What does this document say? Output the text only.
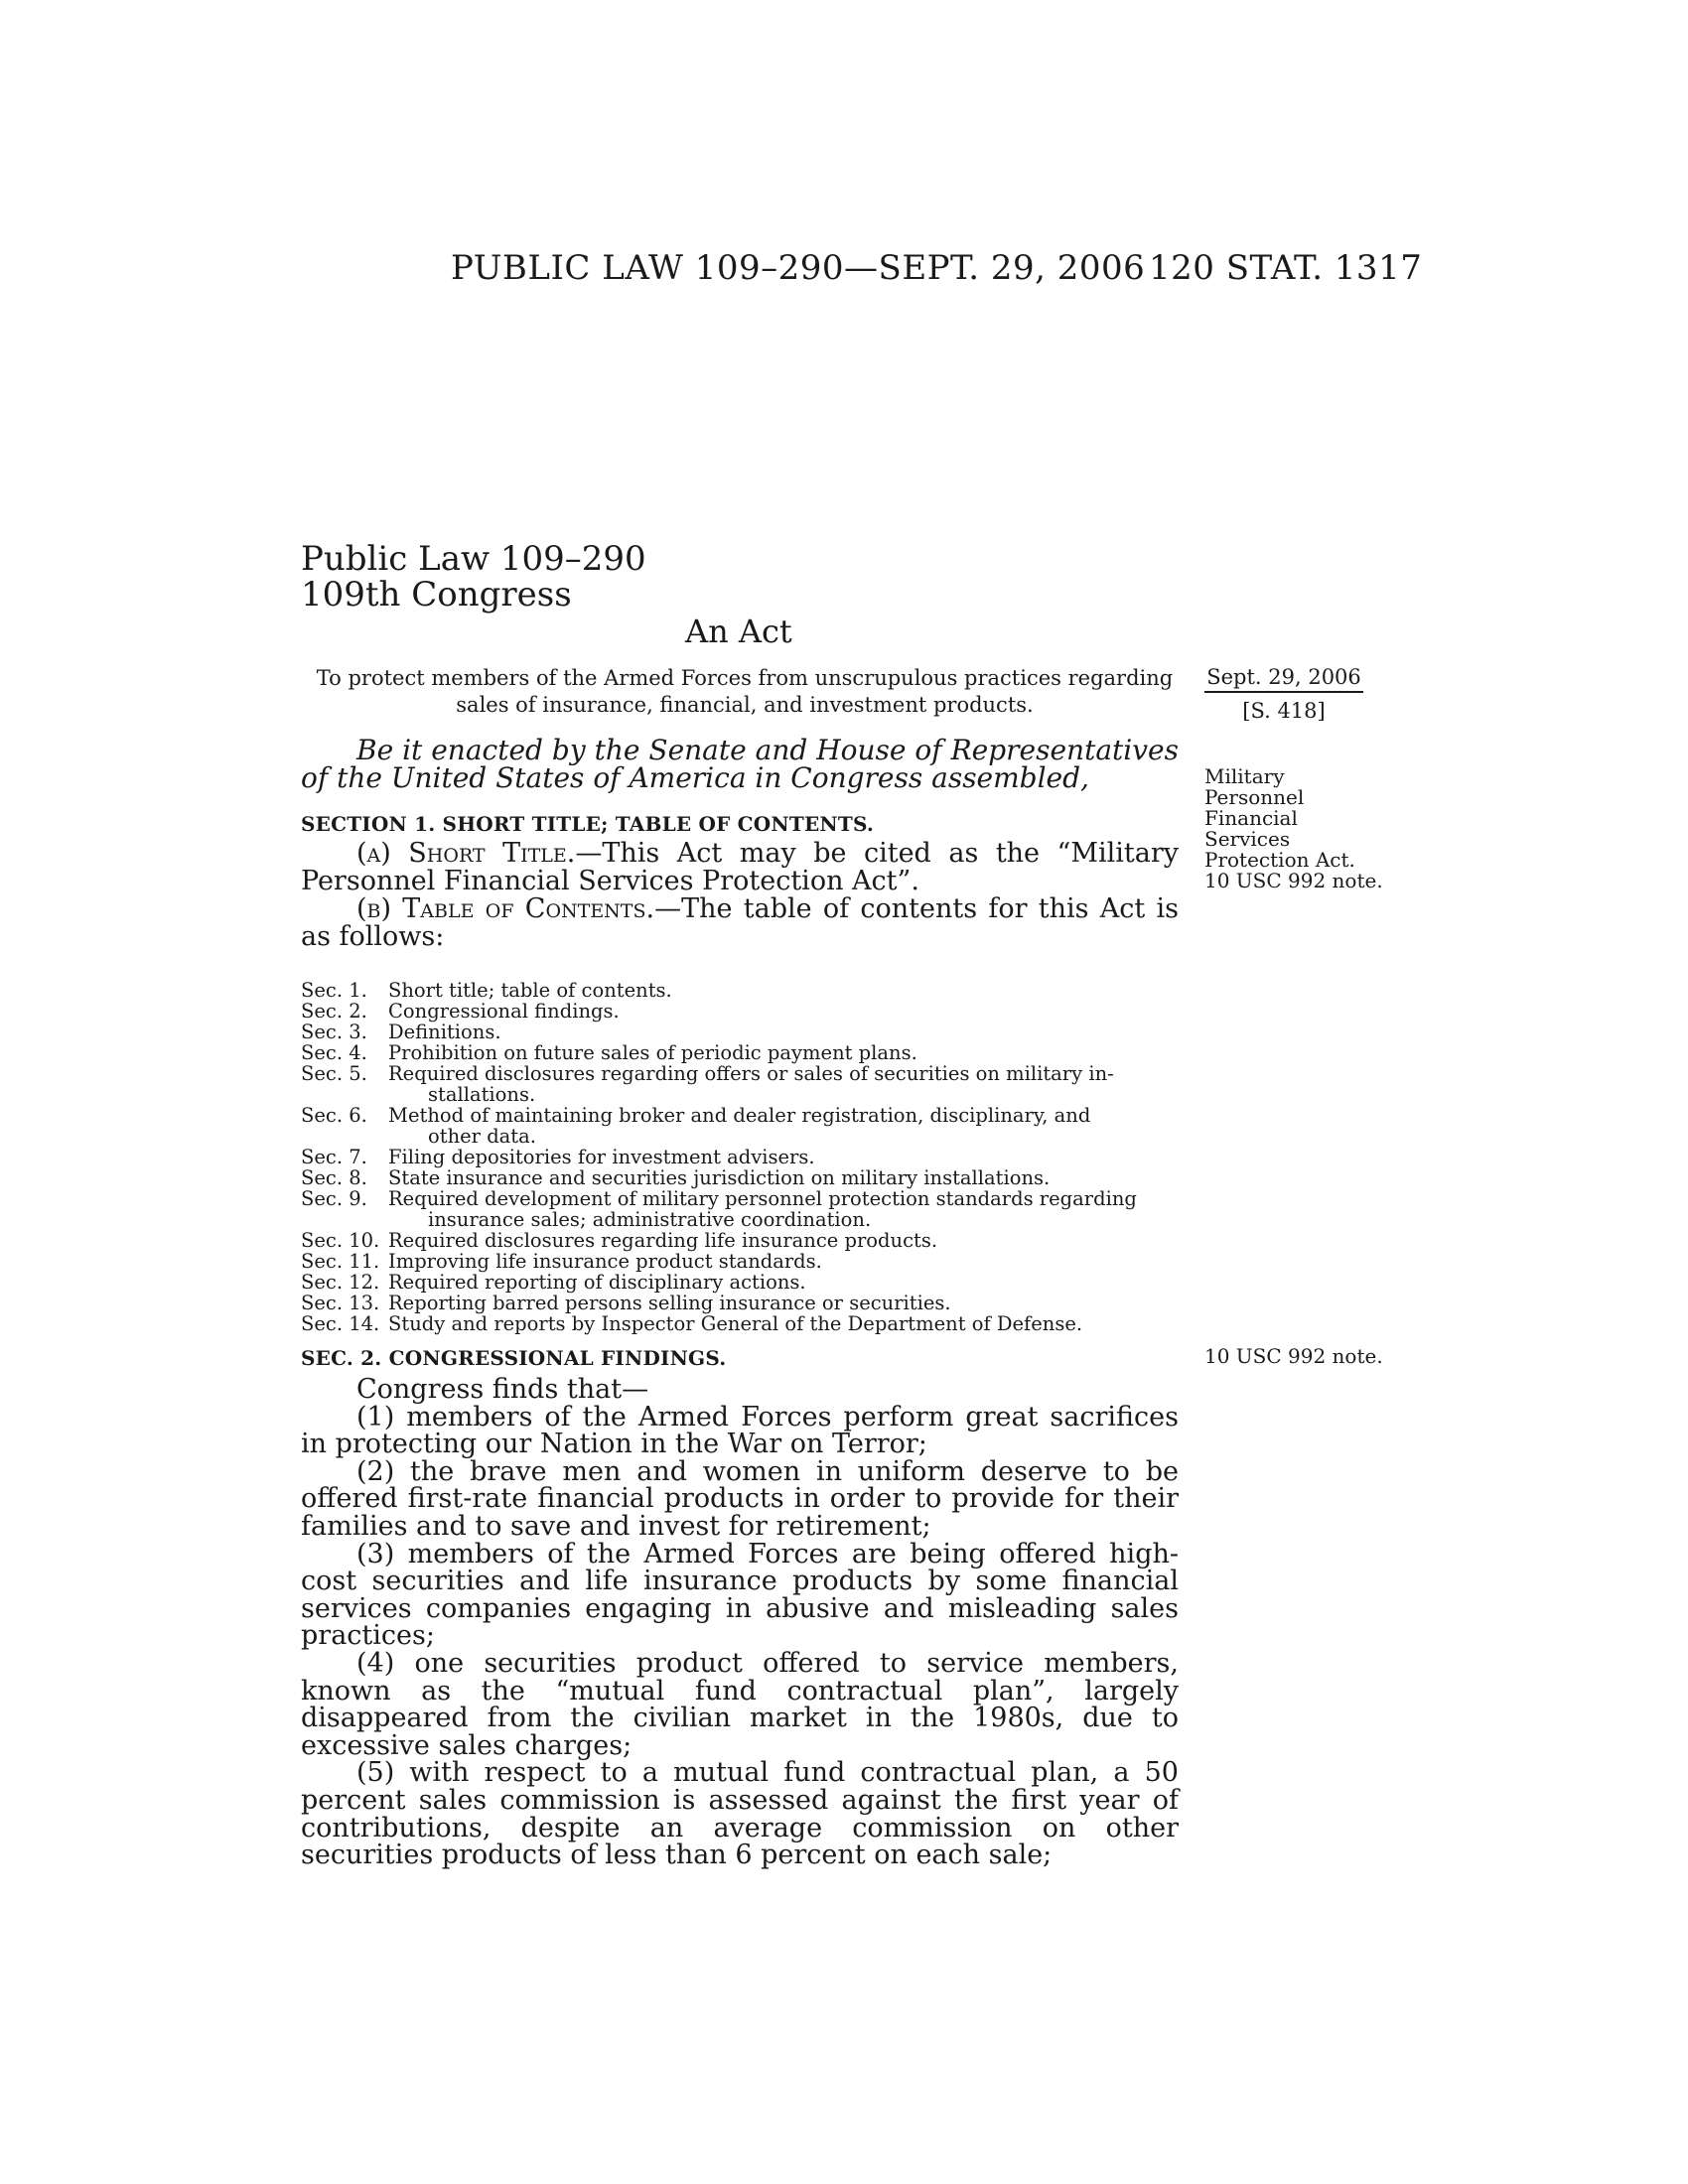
PUBLIC LAW 109–290—SEPT. 29, 2006 120 STAT. 1317
Public Law 109–290
109th Congress
An Act
To protect members of the Armed Forces from unscrupulous practices regarding
sales of insurance, financial, and investment products.
Sept. 29, 2006
[S. 418]
Be it enacted by the Senate and House of Representatives of the United States of America in Congress assembled,	Military
Personnel
Financial
Services
Protection Act.
10 USC 992 note.
SECTION 1. SHORT TITLE; TABLE OF CONTENTS.
(a) Short Title.—This Act may be cited as the “Military Personnel Financial Services Protection Act”.
(b) Table of Contents.—The table of contents for this Act is as follows:
Sec. 1.	Short title; table of contents.
Sec. 2.	Congressional findings.
Sec. 3.	Definitions.
Sec. 4.	Prohibition on future sales of periodic payment plans.
Sec. 5.	Required disclosures regarding offers or sales of securities on military in-
stallations.
Sec. 6.	Method of maintaining broker and dealer registration, disciplinary, and
other data.
Sec. 7.	Filing depositories for investment advisers.
Sec. 8.	State insurance and securities jurisdiction on military installations.
Sec. 9.	Required development of military personnel protection standards regarding
insurance sales; administrative coordination.
Sec. 10. Required disclosures regarding life insurance products.
Sec. 11. Improving life insurance product standards.
Sec. 12. Required reporting of disciplinary actions.
Sec. 13. Reporting barred persons selling insurance or securities.
Sec. 14. Study and reports by Inspector General of the Department of Defense.
SEC. 2. CONGRESSIONAL FINDINGS.	10 USC 992 note.

Congress finds that—

(1) members of the Armed Forces perform great sacrifices in protecting our Nation in the War on Terror;

(2) the brave men and women in uniform deserve to be offered first-rate financial products in order to provide for their families and to save and invest for retirement;

(3) members of the Armed Forces are being offered high-cost securities and life insurance products by some financial services companies engaging in abusive and misleading sales practices;

(4) one securities product offered to service members, known as the “mutual fund contractual plan”, largely disappeared from the civilian market in the 1980s, due to excessive sales charges;

(5) with respect to a mutual fund contractual plan, a 50 percent sales commission is assessed against the first year of contributions, despite an average commission on other securities products of less than 6 percent on each sale;
